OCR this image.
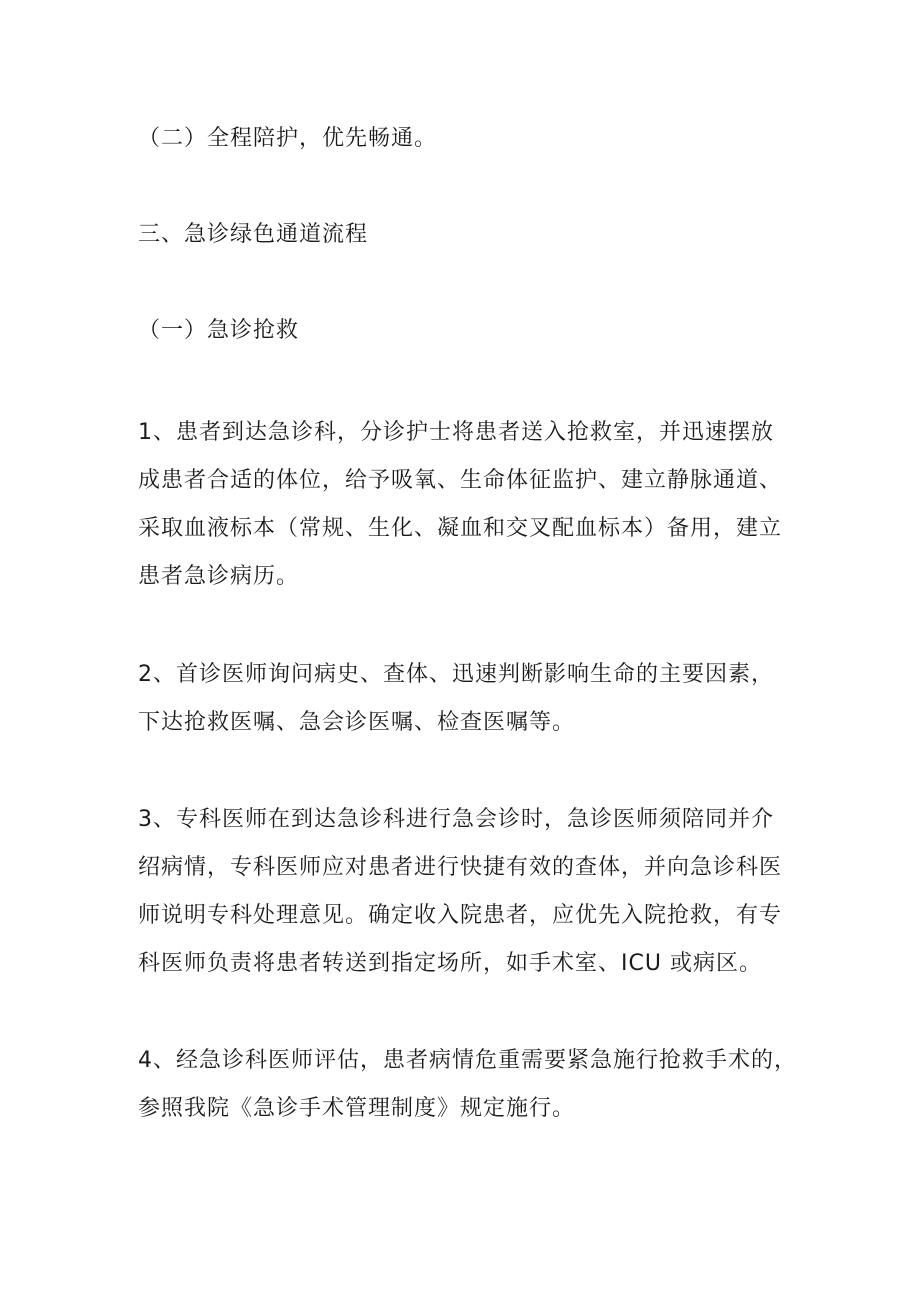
（二）全程陪护，优先畅通。
三、急诊绿色通道流程
（一）急诊抢救
1、患者到达急诊科，分诊护士将患者送入抢救室，并迅速摆放
成患者合适的体位，给予吸氧、生命体征监护、建立静脉通道、
采取血液标本（常规、生化、凝血和交叉配血标本）备用，建立
患者急诊病历。
2、首诊医师询问病史、查体、迅速判断影响生命的主要因素，
下达抢救医嘱、急会诊医嘱、检查医嘱等。
3、专科医师在到达急诊科进行急会诊时，急诊医师须陪同并介
绍病情，专科医师应对患者进行快捷有效的查体，并向急诊科医
师说明专科处理意见。确定收入院患者，应优先入院抢救，有专
科医师负责将患者转送到指定场所，如手术室、ICU 或病区。
4、经急诊科医师评估，患者病情危重需要紧急施行抢救手术的，
参照我院《急诊手术管理制度》规定施行。
